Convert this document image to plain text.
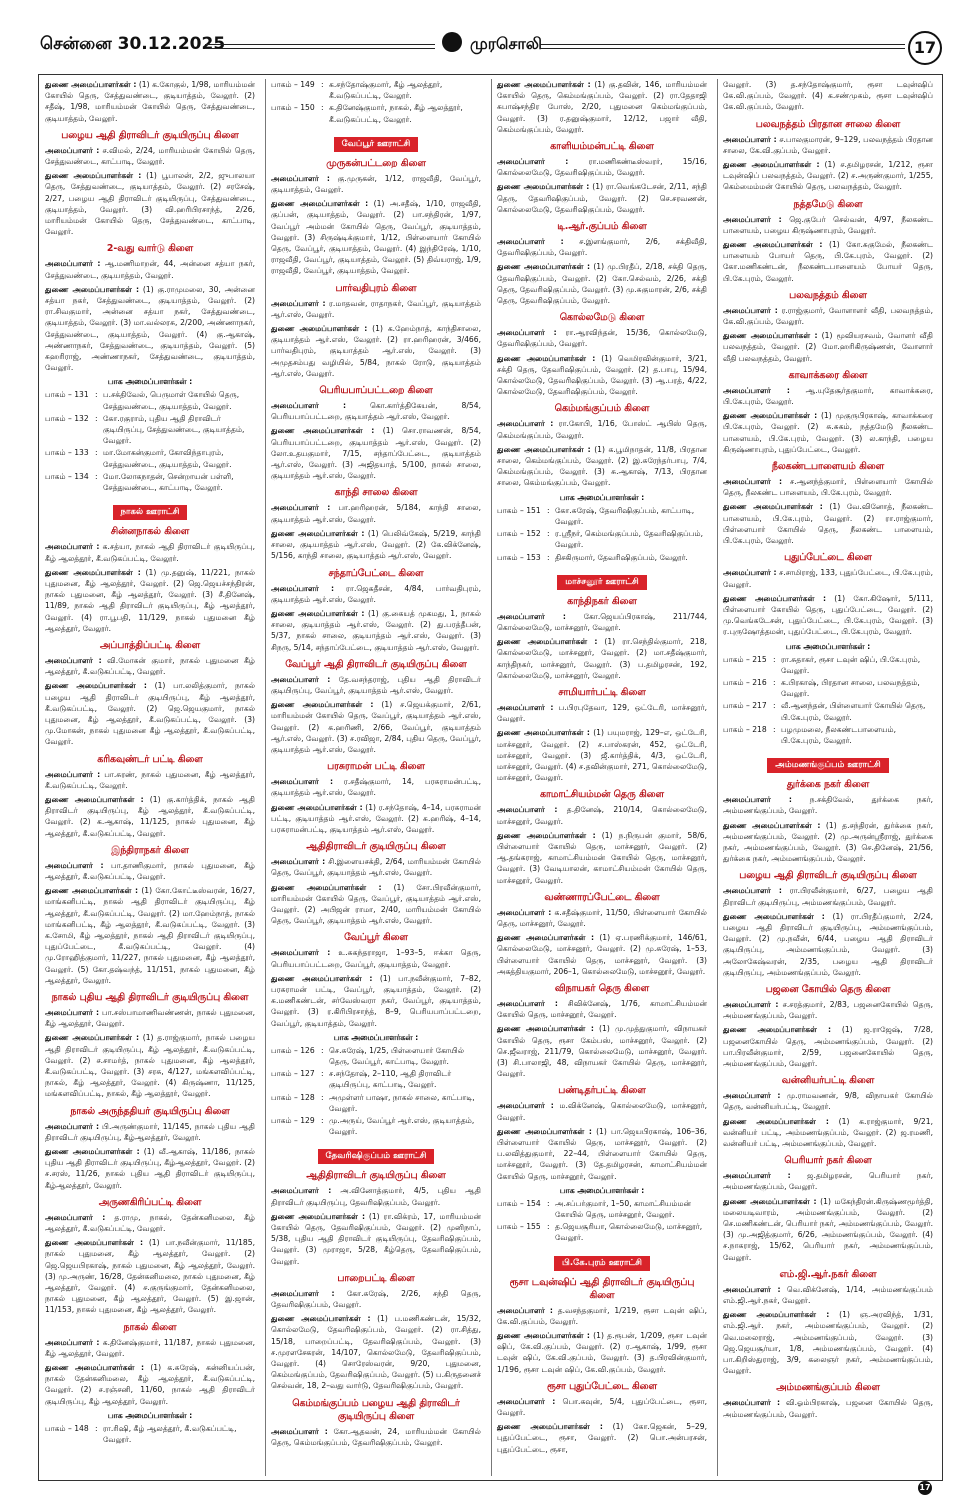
சென்னை 30.12.2025	முரசொலி	17

துணை அமைப்பாளர்கள் : (1) க.கோகுல், 1/98, மாரியம்மன் கோயில் தெரு, சேத்துவண்டை, குடியாத்தம், வேலூர். (2) சதீஷ், 1/98, மாரியம்மன் கோயில் தெரு, சேத்துவண்டை, குடியாத்தம், வேலூர்.

பழைய ஆதி திராவிடர் குடியிருப்பு கிளை

அமைப்பாளர் : ச.விமல், 2/24, மாரியம்மன் கோயில் தெரு, சேத்துவண்டை, காட்பாடி, வேலூர்.

துணை அமைப்பாளர்கள் : (1) பூபாலன், 2/2, ஜுபாலயா தெரு, சேத்துவண்டை, குடியாத்தம், வேலூர். (2) சரசேஷ், 2/27, பழைய ஆதி திராவிடர் குடியிருப்பு, சேத்துவண்டை, குடியாத்தம், வேலூர். (3) வி.ஹரிபிரசாந்த், 2/26, மாரியம்மன் கோயில் தெரு, சேத்துவண்டை, காட்பாடி, வேலூர்.

2-வது வார்டு கிளை

அமைப்பாளர் : ஆ.மணிமாறன், 44, அன்னை சத்யா நகர், சேத்துவண்டை, குடியாத்தம், வேலூர்.

துணை அமைப்பாளர்கள் : (1) கு.ராமுமலை, 30, அன்னை சத்யா நகர், சேத்துவண்டை, குடியாத்தம், வேலூர். (2) ரா.சிவகுமார், அன்னை சத்யா நகர், சேத்துவண்டை, குடியாத்தம், வேலூர். (3) மா.வல்லரசு, 2/200, அண்ணாநகர், சேத்துவண்டை, குடியாத்தம், வேலூர். (4) கு.ஆகாஷ், அண்ணாநகர், சேத்துவண்டை, குடியாத்தம், வேலூர். (5) சுஹரிராஜ், அண்ணாநகர், சேத்துவண்டை, குடியாத்தம், வேலூர்.

பாக அமைப்பாளர்கள் :
பாகம் – 131 : ப.சக்திவேல், பெருமாள் கோயில் தெரு, சேத்துவண்டை, குடியாத்தம், வேலூர்.
பாகம் – 132 : கோ.ரகுராம், புதிய ஆதி திராவிடர் குடியிருப்பு, சேத்துவண்டை, குடியாத்தம், வேலூர்.
பாகம் – 133 : மா.மோகன்குமார், கோவிந்தாபுரம், சேத்துவண்டை, குடியாத்தம், வேலூர்.
பாகம் – 134 : மோ.லோகநாதன், சென்றாயன் பள்ளி, சேத்துவண்டை, காட்பாடி, வேலூர்.
நாகல் ஊராட்சி
சின்னநாகல் கிளை

அமைப்பாளர் : க.சத்யா, நாகல் ஆதி திராவிடர் குடியிருப்பு, கீழ் ஆலத்தூர், கீ.வடுகப்பட்டி, வேலூர்.

துணை அமைப்பாளர்கள் : (1) மு.தனுஷ், 11/221, நாகல் புதுமனை, கீழ் ஆலத்தூர், வேலூர். (2) ஜெ.ஜெயச்சந்திரன், நாகல் புதுமனை, கீழ் ஆலத்தூர், வேலூர். (3) சீ.தினேஷ், 11/89, நாகல் ஆதி திராவிடர் குடியிருப்பு, கீழ் ஆலத்தூர், வேலூர். (4) ரா.பூபதி, 11/129, நாகல் புதுமனை கீழ் ஆலத்தூர், வேலூர்.

அப்பாத்திப்பட்டி கிளை

அமைப்பாளர் : வி.மோகன் குமார், நாகல் புதுமனை கீழ் ஆலத்தூர், கீ.வடுகப்பட்டி, வேலூர்.

துணை அமைப்பாளர்கள் : (1) பா.லலித்குமார், நாகல் பழைய ஆதி திராவிடர் குடியிருப்பு, கீழ் ஆலத்தூர், கீ.வடுகப்பட்டி, வேலூர். (2) ஜெ.ஜெயகுமார், நாகல் புதுமனை, கீழ் ஆலத்தூர், கீ.வடுகப்பட்டி, வேலூர். (3) மு.மோகன், நாகல் புதுமனை கீழ் ஆலத்தூர், கீ.வடுகப்பட்டி, வேலூர்.

கரிகவுண்டர் பட்டி கிளை

அமைப்பாளர் : பா.சுரண், நாகல் புதுமனை, கீழ் ஆலத்தூர், கீ.வடுகப்பட்டி, வேலூர்.

துணை அமைப்பாளர்கள் : (1) கு.கார்த்திக், நாகல் ஆதி திராவிடர் குடியிருப்பு, கீழ் ஆலத்தூர், கீ.வடுகப்பட்டி, வேலூர். (2) க.ஆகாஷ், 11/125, நாகல் புதுமனை, கீழ் ஆலத்தூர், கீ.வடுகப்பட்டி, வேலூர்.

இந்திராநகர் கிளை

அமைப்பாளர் : பா.தாணிகுமார், நாகல் புதுமனை, கீழ் ஆலத்தூர், கீ.வடுகப்பட்டி, வேலூர்.

துணை அமைப்பாளர்கள் : (1) கோ.கோட்டீஸ்வரன், 16/27, மாங்கனிபட்டி, நாகல் ஆதி திராவிடர் குடியிருப்பு, கீழ் ஆலத்தூர், கீ.வடுகப்பட்டி, வேலூர். (2) மா.ஹேம்நாத், நாகல் மாங்கனிபட்டி, கீழ் ஆலத்தூர், கீ.வடுகப்பட்டி, வேலூர். (3) க.சோமி, கீழ் ஆலத்தூர், நாகல் ஆதி திராவிடர் குடியிருப்பு, புதுப்பேட்டை, கீ.வடுகப்பட்டி, வேலூர். (4) மு.ரோஹித்குமார், 11/227, நாகல் புதுமனை, கீழ் ஆலத்தூர், வேலூர். (5) கோ.தஷ்வந்த், 11/151, நாகல் புதுமனை, கீழ் ஆலத்தூர், வேலூர்.

நாகல் புதிய ஆதி திராவிடர் குடியிருப்பு கிளை

அமைப்பாளர் : பா.சஸ்பாமாணிவண்ணன், நாகல் புதுமனை, கீழ் ஆலத்தூர், வேலூர்.

துணை அமைப்பாளர்கள் : (1) த.ராஜ்குமார், நாகல் பழைய ஆதி திராவிடர் குடியிருப்பு, கீழ் ஆலத்தூர், கீ.வடுகப்பட்டி, வேலூர். (2) ச.சாமர்த், நாகல் புதுமனை, கீழ் ஆலத்தூர், கீ.வடுகப்பட்டி, வேலூர். (3) சரசு, 4/127, மங்களவிப்பட்டி, நாகல், கீழ் ஆலத்தூர், வேலூர். (4) கிருஷ்ணா, 11/125, மங்களவிப்பட்டி, நாகல், கீழ் ஆலத்தூர், வேலூர்.

நாகல் அருந்ததியர் குடியிருப்பு கிளை

அமைப்பாளர் : பி.அருண்குமார், 11/145, நாகல் புதிய ஆதி திராவிடர் குடியிருப்பு, கீழ்ஆலத்தூர், வேலூர்.

துணை அமைப்பாளர்கள் : (1) வீ.ஆகாஷ், 11/186, நாகல் புதிய ஆதி திராவிடர் குடியிருப்பு, கீழ்ஆலத்தூர், வேலூர். (2) ச.சரஸ், 11/26, நாகல் புதிய ஆதி திராவிடர் குடியிருப்பு, கீழ்ஆலத்தூர், வேலூர்.

அருணகிரிப்பட்டி கிளை

அமைப்பாளர் : த.ராமு, நாகல், தேன்கனிமலை, கீழ் ஆலத்தூர், கீ.வடுகப்பட்டி, வேலூர்.

துணை அமைப்பாளர்கள் : (1) பா.நவீன்குமார், 11/185, நாகல் புதுமனை, கீழ் ஆலத்தூர், வேலூர். (2) ஜெ.ஜெயபிரகாஷ், நாகல் புதுமனை, கீழ் ஆலத்தூர், வேலூர். (3) மு.அருண், 16/28, தேன்கனிமலை, நாகல் புதுமனை, கீழ் ஆலத்தூர், வேலூர். (4) ச.குருங்குமார், தேன்கனிமலை, நாகல் புதுமனை, கீழ் ஆலத்தூர், வேலூர். (5) இ.ஜான், 11/153, நாகல் புதுமனை, கீழ் ஆலத்தூர், வேலூர்.

நாகல் கிளை

அமைப்பாளர் : க.தினேஷ்குமார், 11/187, நாகல் புதுமனை, கீழ் ஆலத்தூர், வேலூர்.

துணை அமைப்பாளர்கள் : (1) க.சுரேஷ், கன்னியப்பன், நாகல் தேன்கனிமலை, கீழ் ஆலத்தூர், கீ.வடுகப்பட்டி, வேலூர். (2) ச.ரஞ்சனி, 11/60, நாகல் ஆதி திராவிடர் குடியிருப்பு, கீழ் ஆலத்தூர், வேலூர்.

பாக அமைப்பாளர்கள் :
பாகம் – 148 : ரா.ரிஷி, கீழ் ஆலத்தூர், கீ.வடுகப்பட்டி, வேலூர்.
பாகம் – 149 : க.சந்தோஷ்குமார், கீழ் ஆலத்தூர், கீ.வடுகப்பட்டி, வேலூர்.
பாகம் – 150 : க.தினேஷ்குமார், நாகல், கீழ் ஆலத்தூர், கீ.வடுகப்பட்டி, வேலூர்.
வேப்பூர் ஊராட்சி
முருகன்பட்டறை கிளை

அமைப்பாளர் : கு.முருகன், 1/12, ராஜவீதி, வேப்பூர், குடியாத்தம், வேலூர்.

துணை அமைப்பாளர்கள் : (1) அ.சதீஷ், 1/10, ராஜவீதி, குப்பன், குடியாத்தம், வேலூர். (2) பா.சந்திரன், 1/97, வேப்பூர் அம்மன் கோயில் தெரு, வேப்பூர், குடியாத்தம், வேலூர். (3) சிருஷ்டிக்குமார், 1/12, பிள்ளையார் கோயில் தெரு, வேப்பூர், குடியாத்தம், வேலூர். (4) இந்திரேஷ், 1/10, ராஜவீதி, வேப்பூர், குடியாத்தம், வேலூர். (5) திவ்யராஜ், 1/9, ராஜவீதி, வேப்பூர், குடியாத்தம், வேலூர்.

பார்வதிபுரம் கிளை

அமைப்பாளர் : ர.மாதவன், ராதாநகர், வேப்பூர், குடியாத்தம் ஆர்.எஸ், வேலூர்.

துணை அமைப்பாளர்கள் : (1) க.ஹேம்நாத், காந்திசாலை, குடியாத்தம் ஆர்.எஸ், வேலூர். (2) ரா.ஹரிஹரன், 3/466, பார்வதிபுரம், குடியாத்தம் ஆர்.எஸ், வேலூர். (3) அமுதசம்பது வழியில், 5/84, நாகல் ரோடு, குடியாத்தம் ஆர்.எஸ், வேலூர்.

பெரியபாப்பட்டறை கிளை

அமைப்பாளர் : கொ.கார்த்திகேயன், 8/54, பெரியபாப்பட்டறை, குடியாத்தம் ஆர்.எஸ், வேலூர்.

துணை அமைப்பாளர்கள் : (1) சொ.ராவணன், 8/54, பெரியபாப்பட்டறை, குடியாத்தம் ஆர்.எஸ், வேலூர். (2) லோ.உதயகுமார், 7/15, சந்தாப்பேட்டை, குடியாத்தம் ஆர்.எஸ், வேலூர். (3) அஜிதயாத், 5/100, நாகல் சாலை, குடியாத்தம் ஆர்.எஸ், வேலூர்.

காந்தி சாலை கிளை

அமைப்பாளர் : பா.ஹரிஹரன், 5/184, காந்தி சாலை, குடியாத்தம் ஆர்.எஸ், வேலூர்.

துணை அமைப்பாளர்கள் : (1) பெலிவ்கேஷ், 5/219, காந்தி சாலை, குடியாத்தம் ஆர்.எஸ், வேலூர். (2) கே.விக்னேஷ், 5/156, காந்தி சாலை, குடியாத்தம் ஆர்.எஸ், வேலூர்.

சந்தாப்பேட்டை கிளை

அமைப்பாளர் : ரா.ஜெகதீசன், 4/84, பார்வதிபுரம், குடியாத்தம் ஆர்.எஸ், வேலூர்.

துணை அமைப்பாளர்கள் : (1) கு.கையத் முகமது, 1, நாகல் சாலை, குடியாத்தம் ஆர்.எஸ், வேலூர். (2) து.பரத்தீபன், 5/37, நாகல் சாலை, குடியாத்தம் ஆர்.எஸ், வேலூர். (3) சிநரு, 5/14, சந்தாப்பேட்டை, குடியாத்தம் ஆர்.எஸ், வேலூர்.

வேப்பூர் ஆதி திராவிடர் குடியிருப்பு கிளை

அமைப்பாளர் : தே.வசந்தராஜ், புதிய ஆதி திராவிடர் குடியிருப்பு, வேப்பூர், குடியாத்தம் ஆர்.எஸ், வேலூர்.

துணை அமைப்பாளர்கள் : (1) ச.ஜெயக்குமார், 2/61, மாரியம்மன் கோயில் தெரு, வேப்பூர், குடியாத்தம் ஆர்.எஸ், வேலூர். (2) க.ஹரிணி, 2/66, வேப்பூர், குடியாத்தம் ஆர்.எஸ், வேலூர். (3) ச.ரவிஜா, 2/84, புதிய தெரு, வேப்பூர், குடியாத்தம் ஆர்.எஸ், வேலூர்.

பரசுராமன் பட்டி கிளை

அமைப்பாளர் : ர.சதீஷ்குமார், 14, பரசுராமன்பட்டி, குடியாத்தம் ஆர்.எஸ், வேலூர்.

துணை அமைப்பாளர்கள் : (1) ர.சந்தோஷ், 4–14, பரசுராமன் பட்டி, குடியாத்தம் ஆர்.எஸ், வேலூர். (2) சு.ஹரிஷ், 4–14, பரசுராமன்பட்டி, குடியாத்தம் ஆர்.எஸ், வேலூர்.

ஆதிதிராவிடர் குடியிருப்பு கிளை

அமைப்பாளர் : சி.இளையசக்தி, 2/64, மாரியம்மன் கோயில் தெரு, வேப்பூர், குடியாத்தம் ஆர்.எஸ், வேலூர்.

துணை அமைப்பாளர்கள் : (1) சோ.பிரவீன்குமார், மாரியம்மன் கோயில் தெரு, வேப்பூர், குடியாத்தம் ஆர்.எஸ், வேலூர். (2) அபிஜன் ராமா, 2/40, மாரியம்மன் கோயில் தெரு, வேப்பூர், குடியாத்தம் ஆர்.எஸ், வேலூர்.

வேப்பூர் கிளை

அமைப்பாளர் : உ.சுகந்தராஜா, 1–93–5, ஈக்கா தெரு, பெரியபாப்பட்டறை, வேப்பூர், குடியாத்தம், வேலூர்.

துணை அமைப்பாளர்கள் : (1) பா.நவீன்குமார், 7–82, பரசுராமன் பட்டி, வேப்பூர், குடியாத்தம், வேலூர். (2) சு.மணிகண்டன், சர்வேஸ்வரா நகர், வேப்பூர், குடியாத்தம், வேலூர். (3) ர.கிரிபிரசாந்த், 8–9, பெரியபாப்பட்டறை, வேப்பூர், குடியாத்தம், வேலூர்.

பாக அமைப்பாளர்கள் :
பாகம் – 126 : செ.சுரேஷ், 1/25, பிள்ளையார் கோயில் தெரு, வேப்பூர், காட்பாடி, வேலூர்.
பாகம் – 127 : ச.சந்தோஷ், 2–110, ஆதி திராவிடர் குடியிருப்பு, காட்பாடி, வேலூர்.
பாகம் – 128 : அமுள்ளர் பாஷா, நாகல் சாலை, காட்பாடி, வேலூர்.
பாகம் – 129 : மு.அருய், வேப்பூர் ஆர்.எஸ், குடியாத்தம், வேலூர்.
தேவரிஷிகுப்பம் ஊராட்சி
ஆதிதிராவிடர் குடியிருப்பு கிளை

அமைப்பாளர் : அ.வினோத்குமார், 4/5, புதிய ஆதி திராவிடர் குடியிருப்பு, தேவரிஷிகுப்பம், வேலூர்.

துணை அமைப்பாளர்கள் : (1) ரா.விக்ரம், 17, மாரியம்மன் கோயில் தெரு, தேவரிஷிகுப்பம், வேலூர். (2) முனிநாப், 5/38, புதிய ஆதி திராவிடர் குடியிருப்பு, தேவரிஷிகுப்பம், வேலூர். (3) முராஜா, 5/28, கீழ்தெரு, தேவரிஷிகுப்பம், வேலூர்.

பாறைபட்டி கிளை

அமைப்பாளர் : கோ.சுரேஷ், 2/26, சந்தி தெரு, தேவரிஷிகுப்பம், வேலூர்.

துணை அமைப்பாளர்கள் : (1) ப.மணிகண்டன், 15/32, கொல்லமேடு, தேவரிஷிகுப்பம், வேலூர். (2) ரா.சித்து, 15/18, பாறைப்பட்டி, தேவரிஷிகுப்பம், வேலூர். (3) ச.முரளசேகரன், 14/107, கொல்லமேடு, தேவரிஷிகுப்பம், வேலூர். (4) சொரேஸ்வரன், 9/20, புதுமனை, கெம்மங்குப்பம், தேவரிஷிகுப்பம், வேலூர். (5) ப.கிருதனைச் செல்வன், 18, 2–வது வார்டு, தேவரிஷிகுப்பம், வேலூர்.

கெம்மங்குப்பம் பழைய ஆதி திராவிடர் குடியிருப்பு கிளை

அமைப்பாளர் : கோ.ஆதவன், 24, மாரியம்மன் கோயில் தெரு, கெம்மங்குப்பம், தேவரிஷிகுப்பம், வேலூர்.

துணை அமைப்பாளர்கள் : (1) கு.தவின், 146, மாரியம்மன் கோயில் தெரு, கெம்மங்குப்பம், வேலூர். (2) ரா.தேதாஜி சுபாஷ்சந்திர போஸ், 2/20, புதுமனை கெம்மங்குப்பம், வேலூர். (3) ர.தனுஷ்குமார், 12/12, பஜார் வீதி, கெம்மங்குப்பம், வேலூர்.

காளியம்மன்பட்டி கிளை

அமைப்பாளர் : ரா.மணிகண்டீஸ்வரர், 15/16, கொல்லைமேடு, தேவரிஷிகுப்பம், வேலூர்.

துணை அமைப்பாளர்கள் : (1) ரா.வெங்கடேசன், 2/11, சந்தி தெரு, தேவரிஷிகுப்பம், வேலூர். (2) செ.சரவணன், கொல்லைமேடு, தேவரிஷிகுப்பம், வேலூர்.

டி.ஆர்.குப்பம் கிளை

அமைப்பாளர் : ச.இளங்குமார், 2/6, சக்திவீதி, தேவரிஷிகுப்பம், வேலூர்.

துணை அமைப்பாளர்கள் : (1) மு.பிரதீப், 2/18, சக்தி தெரு, தேவரிஷிகுப்பம், வேலூர். (2) கோ.செல்வம், 2/26, சக்தி தெரு, தேவரிஷிகுப்பம், வேலூர். (3) மு.சுகுமாரன், 2/6, சக்தி தெரு, தேவரிஷிகுப்பம், வேலூர்.

கொல்லமேடு கிளை

அமைப்பாளர் : ரா.ஆரவிந்தன், 15/36, கொல்லமேடு, தேவரிஷிகுப்பம், வேலூர்.

துணை அமைப்பாளர்கள் : (1) வெமிரவின்குமார், 3/21, சக்தி தெரு, தேவரிஷிகுப்பம், வேலூர். (2) த.பாபு, 15/94, கொல்லமேடு, தேவரிஷிகுப்பம், வேலூர். (3) ஆ.பரத், 4/22, கொல்லமேடு, தேவரிஷிகுப்பம், வேலூர்.

கெம்மங்குப்பம் கிளை

அமைப்பாளர் : ரா.கோபி, 1/16, போஸ்ட் ஆபிஸ் தெரு, கெம்மங்குப்பம், வேலூர்.

துணை அமைப்பாளர்கள் : (1) க.பூமிநாதன், 11/8, பிரதான சாலை, கெம்மங்குப்பம், வேலூர். (2) இ.சுரேந்தர்பாபு, 7/4, கெம்மங்குப்பம், வேலூர். (3) சு.ஆகாஷ், 7/13, பிரதான சாலை, கெம்மங்குப்பம், வேலூர்.

பாக அமைப்பாளர்கள் :
பாகம் – 151 : கோ.சுரேஷ், தேவரிஷிகுப்பம், காட்பாடி, வேலூர்.
பாகம் – 152 : ர.ஸ்ரீநர், கெம்மங்குப்பம், தேவரிஷிகுப்பம், வேலூர்.
பாகம் – 153 : திசகிருமார், தேவரிஷிகுப்பம், வேலூர்.
மாச்சனூர் ஊராட்சி
காந்திநகர் கிளை

அமைப்பாளர் : கோ.ஜெயப்பிரகாஷ், 211/744, கொல்லைமேடு, மாச்சனூர், வேலூர்.

துணை அமைப்பாளர்கள் : (1) ரா.செந்தில்குமார், 218, கொல்லைமேடு, மாச்சனூர், வேலூர். (2) மா.சதீஷ்குமார், காந்திநகர், மாச்சனூர், வேலூர். (3) ப.தமிழரசன், 192, கொல்லைமேடு, மாச்சனூர், வேலூர்.

சாமியார்பட்டி கிளை

அமைப்பாளர் : ப.பிரபுதேவா, 129, ஒட்டேரி, மாச்சனூர், வேலூர்.

துணை அமைப்பாளர்கள் : (1) பயுமராஜ், 129–எ, ஒட்டேரி, மாச்சனூர், வேலூர். (2) ச.பாஸ்கரன், 452, ஒட்டேரி, மாச்சனூர், வேலூர். (3) ஜீ.கார்த்திக், 4/3, ஒட்டேரி, மாச்சனூர், வேலூர். (4) ச.தவின்குமார், 271, கொல்லைமேடு, மாச்சனூர், வேலூர்.

காமாட்சியம்மன் தெரு கிளை

அமைப்பாளர் : த.தினேஷ், 210/14, கொல்லைமேடு, மாச்சனூர், வேலூர்.

துணை அமைப்பாளர்கள் : (1) ந.நிருபன் குமார், 58/6, பிள்ளையார் கோயில் தெரு, மாச்சனூர், வேலூர். (2) ஆ.தங்கராஜ், காமாட்சியம்மன் கோயில் தெரு, மாச்சனூர், வேலூர். (3) வேடியாலன், காமாட்சியம்மன் கோயில் தெரு, மாச்சனூர், வேலூர்.

வண்ணாரப்பேட்டை கிளை

அமைப்பாளர் : க.சதீஷ்குமார், 11/50, பிள்ளையார் கோயில் தெரு, மாச்சனூர், வேலூர்.

துணை அமைப்பாளர்கள் : (1) ஏ.பரணிக்குமார், 146/61, கொல்லைமேடு, மாச்சனூர், வேலூர். (2) மு.சுரேஷ், 1–53, பிள்ளையார் கோயில் தெரு, மாச்சனூர், வேலூர். (3) அகத்தியகுமார், 206–1, கொல்லைமேடு, மாச்சனூர், வேலூர்.

விநாயகர் தெரு கிளை

அமைப்பாளர் : சிவிக்னேஷ், 1/76, காமாட்சியம்மன் கோயில் தெரு, மாச்சனூர், வேலூர்.

துணை அமைப்பாளர்கள் : (1) மு.முத்துகுமார், விநாயகர் கோயில் தெரு, ரூசா கேம்பஸ், மாச்சனூர், வேலூர். (2) செ.ஜீவராஜ், 211/79, கொல்லைமேடு, மாச்சனூர், வேலூர். (3) சி.பாலாஜி, 48, விநாயகர் கோயில் தெரு, மாச்சனூர், வேலூர்.

பண்டிதர்பட்டி கிளை

அமைப்பாளர் : ம.விக்னேஷ், கொல்லைமேடு, மாச்சனூர், வேலூர்.

துணை அமைப்பாளர்கள் : (1) பா.ஜெயபிரகாஷ், 106–36, பிள்ளையார் கோயில் தெரு, மாச்சனூர், வேலூர். (2) ப.லவித்துகுமார், 22–44, பிள்ளையார் கோயில் தெரு, மாச்சனூர், வேலூர். (3) தே.தமிழரசன், காமாட்சியம்மன் கோயில் தெரு, மாச்சனூர், வேலூர்.

பாக அமைப்பாளர்கள் :
பாகம் – 154 : அ.சப்பர்குமார், 1–50, காமாட்சியம்மன் கோயில் தெரு, மாச்சனூர், வேலூர்.
பாகம் – 155 : த.ஜெயசூரியா, கொல்லைமேடு, மாச்சனூர், வேலூர்.
பி.கே.புரம் ஊராட்சி
ரூசா டவுன்ஷிப் ஆதி திராவிடர் குடியிருப்பு கிளை

அமைப்பாளர் : த.வசந்தகுமார், 1/219, ரூசா டவுன் ஷிப், கே.வி.குப்பம், வேலூர்.

துணை அமைப்பாளர்கள் : (1) த.ரூபன், 1/209, ரூசா டவுன் ஷிப், கே.வி.குப்பம், வேலூர். (2) ர.ஆகாஷ், 1/99, ரூசா டவுன் ஷிப், கே.வி.குப்பம், வேலூர். (3) த.பிரவின்குமார், 1/196, ரூசா டவுன் ஷிப், கே.வி.குப்பம், வேலூர்.

ரூசா புதுப்பேட்டை கிளை

அமைப்பாளர் : பொ.கவுன், 5/4, புதுப்பேட்டை, ரூசா, வேலூர்.

துணை அமைப்பாளர்கள் : (1) கோ.ஜெகன், 5–29, புதுப்பேட்டை, ரூசா, வேலூர். (2) பொ.அன்பரசன், புதுப்பேட்டை, ரூசா,

வேலூர். (3) த.சந்தோஷ்குமார், ரூசா டவுன்ஷிப் கே.வி.குப்பம், வேலூர். (4) க.சண்முகம், ரூசா டவுன்ஷிப் கே.வி.குப்பம், வேலூர்.

பலவநத்தம் பிரதான சாலை கிளை

அமைப்பாளர் : ச.பாலகுமாரன், 9–129, பலவநத்தம் பிரதான சாலை, கே.வி.குப்பம், வேலூர்.

துணை அமைப்பாளர்கள் : (1) ச.தமிழரசன், 1/212, ரூசா டவுன்ஷிப் பலவநத்தம், வேலூர். (2) ச.அருண்குமார், 1/255, கெம்மைம்மன் கோயில் தெரு, பலவநத்தம், வேலூர்.

நத்தமேடு கிளை

அமைப்பாளர் : ஜெ.குபேர் செல்வன், 4/97, நீலகண்ட பாளையம், பழைய கிருஷ்ணாபுரம், வேலூர்.

துணை அமைப்பாளர்கள் : (1) கோ.சுகுமேல், நீலகண்ட பாளையம் போயர் தெரு, பி.கே.புரம், வேலூர். (2) கோ.மணிகண்டன், நீலகண்டபாளையம் போயர் தெரு, பி.கே.புரம், வேலூர்.

பலவநத்தம் கிளை

அமைப்பாளர் : ர.ராஜ்குமார், வோளாளர் வீதி, பலவநத்தம், கே.வி.குப்பம், வேலூர்.

துணை அமைப்பாளர்கள் : (1) மூவியரசவம், வோளர் வீதி பலவநத்தம், வேலூர். (2) மோ.ஹரிகிருஷ்ணன், வோளார் வீதி பலவநத்தம், வேலூர்.

காவாக்கரை கிளை

அமைப்பாளர் : ஆ.யுதேசூர்தகுமார், காவாக்கரை, பி.கே.புரம், வேலூர்.

துணை அமைப்பாளர்கள் : (1) முகுருபிரகாஷ், காவாக்கரை பி.கே.புரம், வேலூர். (2) சு.சுகம், நத்தமேடு நீலகண்ட பாளையம், பி.கே.புரம், வேலூர். (3) ல.காந்தி, பழைய கிருஷ்ணாபுரம், புதுப்பேட்டை, வேலூர்.

நீலகண்டபாளையம் கிளை

அமைப்பாளர் : ச.ஆனந்த்குமார், பிள்ளையார் கோயில் தெரு, நீலகண்ட பாளையம், பி.கே.புரம், வேலூர்.

துணை அமைப்பாளர்கள் : (1) வே.வினோத், நீலகண்ட பாளையம், பி.கே.புரம், வேலூர். (2) ரா.ராஜ்குமார், பிள்ளையார் கோயில் தெரு, நீலகண்ட பாளையம், பி.கே.புரம், வேலூர்.

புதுப்பேட்டை கிளை

அமைப்பாளர் : ச.சாமிராஜ், 133, புதுப்பேட்டை, பி.கே.புரம், வேலூர்.

துணை அமைப்பாளர்கள் : (1) கோ.கிஷோர், 5/111, பிள்ளையார் கோயில் தெரு, புதுப்பேட்டை, வேலூர். (2) மு.வெங்கடேசன், புதுப்பேட்டை, பி.கே.புரம், வேலூர். (3) ர.புருஷோத்தமன், புதுப்பேட்டை, பி.கே.புரம், வேலூர்.

பாக அமைப்பாளர்கள் :
பாகம் – 215 : ரா.சுதாகர், ரூசா டவுன் ஷிப், பி.கே.புரம், வேலூர்.
பாகம் – 216 : க.பிரகாஷ், பிரதான சாலை, பலவநத்தம், வேலூர்.
பாகம் – 217 : வீ.ஆனந்தன், பிள்ளையார் கோயில் தெரு, பி.கே.புரம், வேலூர்.
பாகம் – 218 : பழமுமலை, நீலகண்டபாளையம், பி.கே.புரம், வேலூர்.
அம்மணங்குப்பம் ஊராட்சி
துர்க்கை நகர் கிளை

அமைப்பாளர் : ந.சக்திவேல், துர்க்கை நகர், அம்மணங்குப்பம், வேலூர்.

துணை அமைப்பாளர்கள் : (1) த.சந்திரன், துர்க்கை நகர், அம்மணங்குப்பம், வேலூர். (2) மு.அருன்ஸ்ரீராஜ், துர்க்கை நகர், அம்மணங்குப்பம், வேலூர். (3) செ.தினேஷ், 21/56, துர்க்கை நகர், அம்மணங்குப்பம், வேலூர்.

பழைய ஆதி திராவிடர் குடியிருப்பு கிளை

அமைப்பாளர் : ரா.பிரவீன்குமார், 6/27, பழைய ஆதி திராவிடர் குடியிருப்பு, அம்மணங்குப்பம், வேலூர்.

துணை அமைப்பாளர்கள் : (1) ரா.பிரதீப்குமார், 2/24, பழைய ஆதி திராவிடர் குடியிருப்பு, அம்மணங்குப்பம், வேலூர். (2) மு.நவீன், 6/44, பழைய ஆதி திராவிடர் குடியிருப்பு, அம்மணங்குப்பம், வேலூர். (3) அலோகேஷ்வரன், 2/35, பழைய ஆதி திராவிடர் குடியிருப்பு, அம்மணங்குப்பம், வேலூர்.

பஜனை கோயில் தெரு கிளை

அமைப்பாளர் : ச.சரத்குமார், 2/83, பஜனைகோயில் தெரு, அம்மணங்குப்பம், வேலூர்.

துணை அமைப்பாளர்கள் : (1) ஜ.ராஜேஷ், 7/28, பஜனைகோயில் தெரு, அம்மணங்குப்பம், வேலூர். (2) பா.பிரவீன்குமார், 2/59, பஜனைகோயில் தெரு, அம்மணங்குப்பம், வேலூர்.

வன்னியர்பட்டி கிளை

அமைப்பாளர் : மு.ராமவணன், 9/8, விநாயகர் கோயில் தெரு, வன்னியர்பட்டி, வேலூர்.

துணை அமைப்பாளர்கள் : (1) க.ராஜ்குமார், 9/21, வன்னியர் பட்டி, அம்மணங்குப்பம், வேலூர். (2) ஜ.ரமணி, வன்னியர் பட்டி, அம்மணங்குப்பம், வேலூர்.

பெரியார் நகர் கிளை

அமைப்பாளர் : ஜ.தமிழரசன், பெரியார் நகர், அம்மணங்குப்பம், வேலூர்.

துணை அமைப்பாளர்கள் : (1) மகேந்திரன்.கிருஷ்ணமூர்த்தி, மலையடிவாரம், அம்மணங்குப்பம், வேலூர். (2) செ.மணிகண்டன், பெரியார் நகர், அம்மணங்குப்பம், வேலூர். (3) மு.அஜித்குமார், 6/26, அம்மணங்குப்பம், வேலூர். (4) ச.நாகராஜ், 15/62, பெரியார் நகர், அம்மணங்குப்பம், வேலூர்.

எம்.ஜி.ஆர்.நகர் கிளை

அமைப்பாளர் : வெ.விக்னேஷ், 1/14, அம்மணங்குப்பம் எம்.ஜி.ஆர்.நகர், வேலூர்.

துணை அமைப்பாளர்கள் : (1) ஞ.அரவிந்த், 1/31, எம்.ஜி.ஆர். நகர், அம்மணங்குப்பம், வேலூர். (2) வெ.மலைராஜ், அம்மணங்குப்பம், வேலூர். (3) ஜெ.ஜெயசூர்யா, 1/8, அம்மணங்குப்பம், வேலூர். (4) பா.கிறிஸ்துராஜ், 3/9, கலைஞர் நகர், அம்மணங்குப்பம், வேலூர்.

அம்மணங்குப்பம் கிளை

அமைப்பாளர் : வி.ஓம்பிரகாஷ், பஜனை கோயில் தெரு, அம்மணங்குப்பம், வேலூர்.

17
